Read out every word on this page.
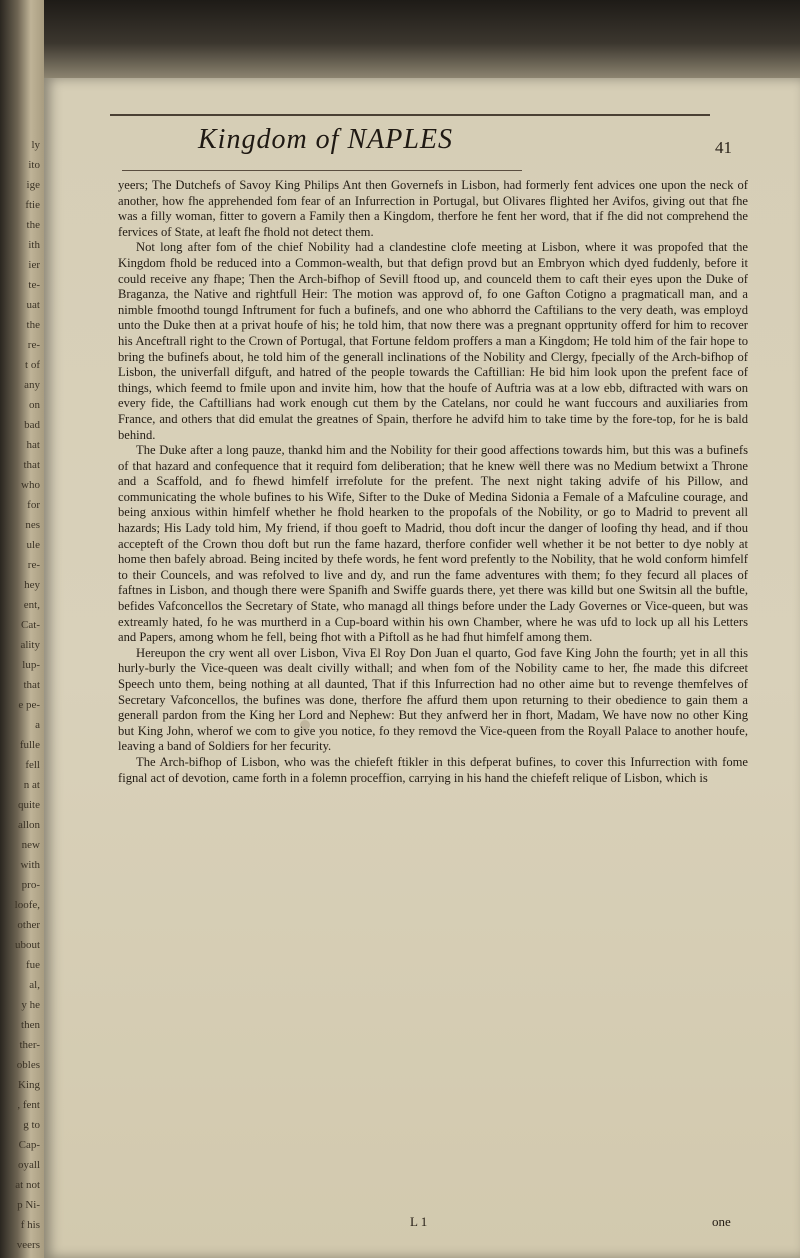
ly
ito
ige
ftie
the
ith
ier
te-
uat
the
re-
t of
any
on
bad
hat
that
who
for
nes
ule
re-
hey
ent,
Cat-
ality
lup-
that
e pe-
a
fulle
fell
n at
quite
allon
new
with
pro-
loofe,
other
ubout
fue
al,
y he
then
ther-
obles
King
, fent
g to
Cap-
oyall
at not
p Ni-
f his
veers
Kingdom of NAPLES	41

yeers; The Dutchefs of Savoy King Philips Ant then Governefs in Lisbon, had formerly fent advices one upon the neck of another, how fhe apprehended fom fear of an Infurrection in Portugal, but Olivares flighted her Avifos, giving out that fhe was a filly woman, fitter to govern a Family then a Kingdom, therfore he fent her word, that if fhe did not comprehend the fervices of State, at leaft fhe fhold not detect them.

Not long after fom of the chief Nobility had a clandestine clofe meeting at Lisbon, where it was propofed that the Kingdom fhold be reduced into a Common-wealth, but that defign provd but an Embryon which dyed fuddenly, before it could receive any fhape; Then the Arch-bifhop of Sevill ftood up, and counceld them to caft their eyes upon the Duke of Braganza, the Native and rightfull Heir: The motion was approvd of, fo one Gafton Cotigno a pragmaticall man, and a nimble fmoothd toungd Inftrument for fuch a bufinefs, and one who abhorrd the Caftilians to the very death, was employd unto the Duke then at a privat houfe of his; he told him, that now there was a pregnant opprtunity offerd for him to recover his Anceftrall right to the Crown of Portugal, that Fortune feldom proffers a man a Kingdom; He told him of the fair hope to bring the bufinefs about, he told him of the generall inclinations of the Nobility and Clergy, fpecially of the Arch-bifhop of Lisbon, the univerfall difguft, and hatred of the people towards the Caftillian: He bid him look upon the prefent face of things, which feemd to fmile upon and invite him, how that the houfe of Auftria was at a low ebb, diftracted with wars on every fide, the Caftillians had work enough cut them by the Catelans, nor could he want fuccours and auxiliaries from France, and others that did emulat the greatnes of Spain, therfore he advifd him to take time by the fore-top, for he is bald behind.

The Duke after a long pauze, thankd him and the Nobility for their good affections towards him, but this was a bufinefs of that hazard and confequence that it requird fom deliberation; that he knew well there was no Medium betwixt a Throne and a Scaffold, and fo fhewd himfelf irrefolute for the prefent. The next night taking advife of his Pillow, and communicating the whole bufines to his Wife, Sifter to the Duke of Medina Sidonia a Female of a Mafculine courage, and being anxious within himfelf whether he fhold hearken to the propofals of the Nobility, or go to Madrid to prevent all hazards; His Lady told him, My friend, if thou goeft to Madrid, thou doft incur the danger of loofing thy head, and if thou accepteft of the Crown thou doft but run the fame hazard, therfore confider well whether it be not better to dye nobly at home then bafely abroad. Being incited by thefe words, he fent word prefently to the Nobility, that he wold conform himfelf to their Councels, and was refolved to live and dy, and run the fame adventures with them; fo they fecurd all places of faftnes in Lisbon, and though there were Spanifh and Swiffe guards there, yet there was killd but one Switsin all the buftle, befides Vafconcellos the Secretary of State, who managd all things before under the Lady Governes or Vice-queen, but was extreamly hated, fo he was murtherd in a Cup-board within his own Chamber, where he was ufd to lock up all his Letters and Papers, among whom he fell, being fhot with a Piftoll as he had fhut himfelf among them.

Hereupon the cry went all over Lisbon, Viva El Roy Don Juan el quarto, God fave King John the fourth; yet in all this hurly-burly the Vice-queen was dealt civilly withall; and when fom of the Nobility came to her, fhe made this difcreet Speech unto them, being nothing at all daunted, That if this Infurrection had no other aime but to revenge themfelves of Secretary Vafconcellos, the bufines was done, therfore fhe affurd them upon returning to their obedience to gain them a generall pardon from the King her Lord and Nephew: But they anfwerd her in fhort, Madam, We have now no other King but King John, wherof we com to give you notice, fo they removd the Vice-queen from the Royall Palace to another houfe, leaving a band of Soldiers for her fecurity.

The Arch-bifhop of Lisbon, who was the chiefeft ftikler in this defperat bufines, to cover this Infurrection with fome fignal act of devotion, came forth in a folemn proceffion, carrying in his hand the chiefeft relique of Lisbon, which is

L 1	one
